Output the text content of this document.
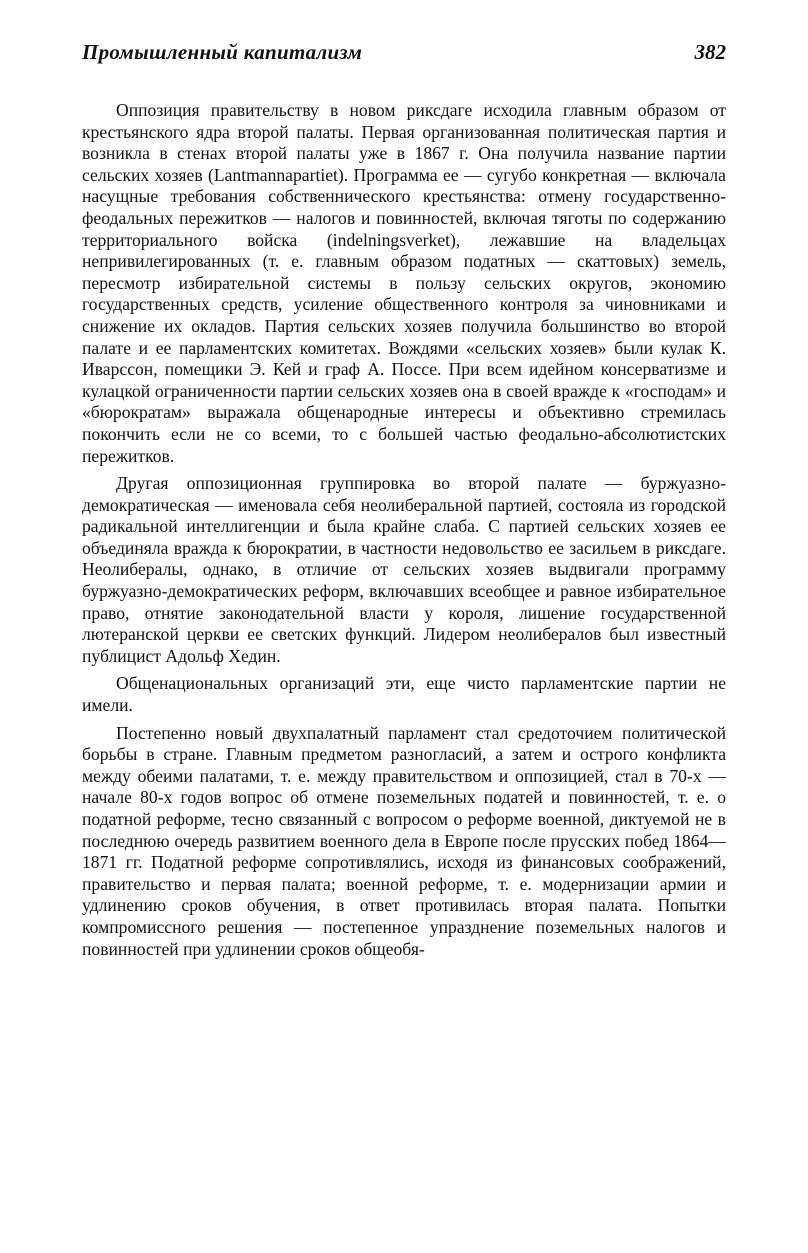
Промышленный капитализм	382

Оппозиция правительству в новом риксдаге исходила главным образом от крестьянского ядра второй палаты. Первая организованная политическая партия и возникла в стенах второй палаты уже в 1867 г. Она получила название партии сельских хозяев (Lantmannapartiet). Программа ее — сугубо конкретная — включала насущные требования собственнического крестьянства: отмену государственно-феодальных пережитков — налогов и повинностей, включая тяготы по содержанию территориального войска (indelningsverket), лежавшие на владельцах непривилегированных (т. е. главным образом податных — скаттовых) земель, пересмотр избирательной системы в пользу сельских округов, экономию государственных средств, усиление общественного контроля за чиновниками и снижение их окладов. Партия сельских хозяев получила большинство во второй палате и ее парламентских комитетах. Вождями «сельских хозяев» были кулак К. Иварссон, помещики Э. Кей и граф А. Поссе. При всем идейном консерватизме и кулацкой ограниченности партии сельских хозяев она в своей вражде к «господам» и «бюрократам» выражала общенародные интересы и объективно стремилась покончить если не со всеми, то с большей частью феодально-абсолютистских пережитков.

Другая оппозиционная группировка во второй палате — буржуазно-демократическая — именовала себя неолиберальной партией, состояла из городской радикальной интеллигенции и была крайне слаба. С партией сельских хозяев ее объединяла вражда к бюрократии, в частности недовольство ее засильем в риксдаге. Неолибералы, однако, в отличие от сельских хозяев выдвигали программу буржуазно-демократических реформ, включавших всеобщее и равное избирательное право, отнятие законодательной власти у короля, лишение государственной лютеранской церкви ее светских функций. Лидером неолибералов был известный публицист Адольф Хедин.

Общенациональных организаций эти, еще чисто парламентские партии не имели.

Постепенно новый двухпалатный парламент стал средоточием политической борьбы в стране. Главным предметом разногласий, а затем и острого конфликта между обеими палатами, т. е. между правительством и оппозицией, стал в 70-х — начале 80-х годов вопрос об отмене поземельных податей и повинностей, т. е. о податной реформе, тесно связанный с вопросом о реформе военной, диктуемой не в последнюю очередь развитием военного дела в Европе после прусских побед 1864—1871 гг. Податной реформе сопротивлялись, исходя из финансовых соображений, правительство и первая палата; военной реформе, т. е. модернизации армии и удлинению сроков обучения, в ответ противилась вторая палата. Попытки компромиссного решения — постепенное упразднение поземельных налогов и повинностей при удлинении сроков общеобя-
